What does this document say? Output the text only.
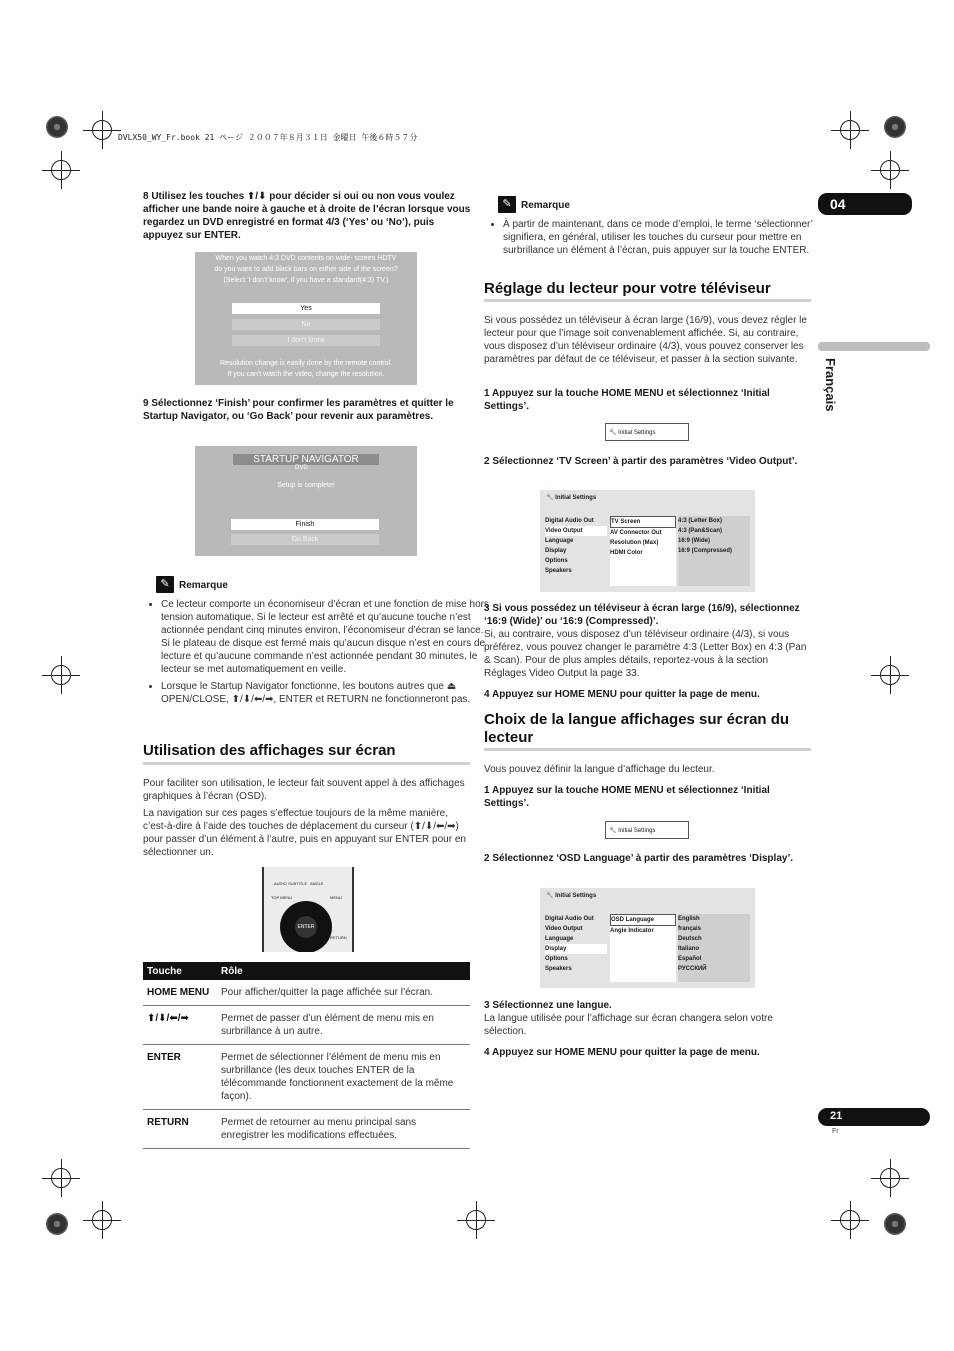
DVLX50_WY_Fr.book 21 ページ ２００７年８月３１日 金曜日 午後６時５７分
04
Français
21
Fr
8 Utilisez les touches ⬆/⬇ pour décider si oui ou non vous voulez afficher une bande noire à gauche et à droite de l’écran lorsque vous regardez un DVD enregistré en format 4/3 (‘Yes’ ou ‘No’), puis appuyez sur ENTER.
When you watch 4:3 DVD contents on wide- screen HDTV
do you want to add black bars on either side of the screen?
(Select 'I don't know', if you have a standard(4:3) TV.)
Yes
No
I don't know
Resolution change is easily done by the remote control.
If you can't watch the video, change the resolution.
9 Sélectionnez ‘Finish’ pour confirmer les paramètres et quitter le Startup Navigator, ou ‘Go Back’ pour revenir aux paramètres.
STARTUP NAVIGATOR
DVD
Setup is complete!
Finish
Go Back
✎ Remarque
• Ce lecteur comporte un économiseur d’écran et une fonction de mise hors tension automatique. Si le lecteur est arrêté et qu’aucune touche n’est actionnée pendant cinq minutes environ, l’économiseur d’écran se lance. Si le plateau de disque est fermé mais qu’aucun disque n’est en cours de lecture et qu’aucune commande n’est actionnée pendant 30 minutes, le lecteur se met automatiquement en veille.
• Lorsque le Startup Navigator fonctionne, les boutons autres que ⏏ OPEN/CLOSE, ⬆/⬇/⬅/➡, ENTER et RETURN ne fonctionneront pas.
Utilisation des affichages sur écran
Pour faciliter son utilisation, le lecteur fait souvent appel à des affichages graphiques à l’écran (OSD).
La navigation sur ces pages s’effectue toujours de la même manière, c’est-à-dire à l’aide des touches de déplacement du curseur (⬆/⬇/⬅/➡) pour passer d’un élément à l’autre, puis en appuyant sur ENTER pour en sélectionner un.
ENTER
RETURN
AUDIO SUBTITLE ANGLE
TOP MENU	MENU
Touche	Rôle
HOME MENU	Pour afficher/quitter la page affichée sur l’écran.
⬆/⬇/⬅/➡	Permet de passer d’un élément de menu mis en surbrillance à un autre.
ENTER	Permet de sélectionner l’élément de menu mis en surbrillance (les deux touches ENTER de la télécommande fonctionnent exactement de la même façon).
RETURN	Permet de retourner au menu principal sans enregistrer les modifications effectuées.
✎ Remarque
• À partir de maintenant, dans ce mode d’emploi, le terme ‘sélectionner’ signifiera, en général, utiliser les touches du curseur pour mettre en surbrillance un élément à l’écran, puis appuyer sur la touche ENTER.
Réglage du lecteur pour votre téléviseur
Si vous possédez un téléviseur à écran large (16/9), vous devez régler le lecteur pour que l’image soit convenablement affichée. Si, au contraire, vous disposez d’un téléviseur ordinaire (4/3), vous pouvez conserver les paramètres par défaut de ce téléviseur, et passer à la section suivante.
1 Appuyez sur la touche HOME MENU et sélectionnez ‘Initial Settings’.
🔧 Initial Settings
2 Sélectionnez ‘TV Screen’ à partir des paramètres ‘Video Output’.
🔧 Initial Settings
Digital Audio Out
Video Output
Language
Display
Options
Speakers
TV Screen
AV Connector Out
Resolution (Max)
HDMI Color
4:3 (Letter Box)
4:3 (Pan&Scan)
16:9 (Wide)
16:9 (Compressed)
3 Si vous possédez un téléviseur à écran large (16/9), sélectionnez ‘16:9 (Wide)’ ou ‘16:9 (Compressed)’.
Si, au contraire, vous disposez d’un téléviseur ordinaire (4/3), si vous préférez, vous pouvez changer le paramètre 4:3 (Letter Box) en 4:3 (Pan & Scan). Pour de plus amples détails, reportez-vous à la section Réglages Video Output la page 33.
4 Appuyez sur HOME MENU pour quitter la page de menu.
Choix de la langue affichages sur écran du lecteur
Vous pouvez définir la langue d’affichage du lecteur.
1 Appuyez sur la touche HOME MENU et sélectionnez ‘Initial Settings’.
🔧 Initial Settings
2 Sélectionnez ‘OSD Language’ à partir des paramètres ‘Display’.
🔧 Initial Settings
Digital Audio Out
Video Output
Language
Display
Options
Speakers
OSD Language
Angle Indicator
English
français
Deutsch
Italiano
Español
РУССКИЙ
3 Sélectionnez une langue.
La langue utilisée pour l’affichage sur écran changera selon votre sélection.
4 Appuyez sur HOME MENU pour quitter la page de menu.
